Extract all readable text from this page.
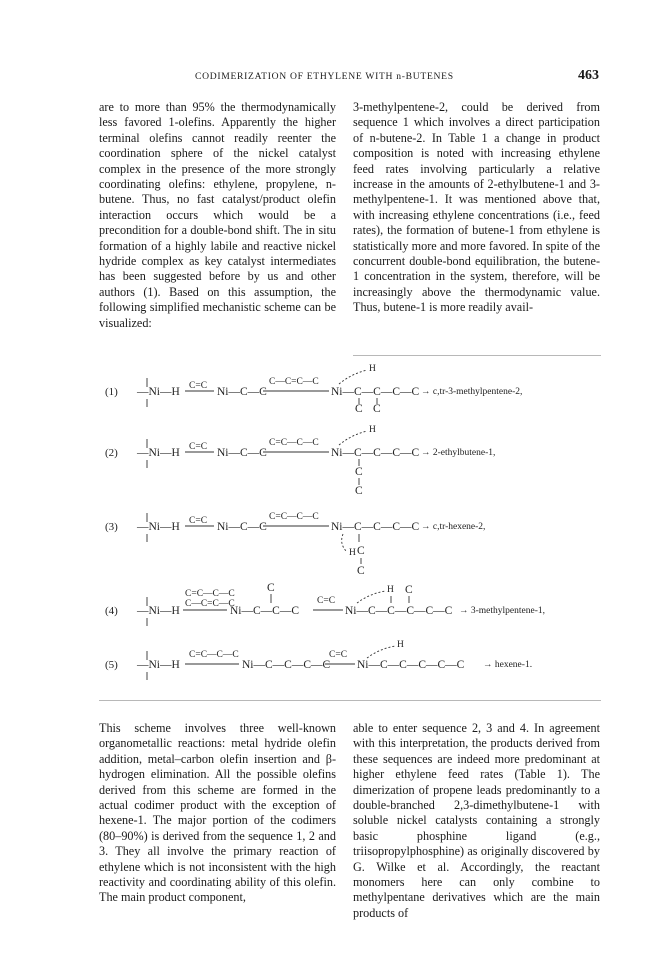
CODIMERIZATION OF ETHYLENE WITH n-BUTENES	463

are to more than 95% the thermodynamically less favored 1-olefins. Apparently the higher terminal olefins cannot readily reenter the coordination sphere of the nickel catalyst complex in the presence of the more strongly coordinating olefins: ethylene, propylene, n-butene. Thus, no fast catalyst/product olefin interaction occurs which would be a precondition for a double-bond shift. The in situ formation of a highly labile and reactive nickel hydride complex as key catalyst intermediates has been suggested before by us and other authors (1). Based on this assumption, the following simplified mechanistic scheme can be visualized:

3-methylpentene-2, could be derived from sequence 1 which involves a direct participation of n-butene-2. In Table 1 a change in product composition is noted with increasing ethylene feed rates involving particularly a relative increase in the amounts of 2-ethylbutene-1 and 3-methylpentene-1. It was mentioned above that, with increasing ethylene concentrations (i.e., feed rates), the formation of butene-1 from ethylene is statistically more and more favored. In spite of the concurrent double-bond equilibration, the butene-1 concentration in the system, therefore, will be increasingly above the thermodynamic value. Thus, butene-1 is more readily avail-

(1) —Ni—H C=C Ni—C—C
C—C=C—C
Ni—C—C—C—C
H
C C
→ c,tr-3-methylpentene-2,
(2) —Ni—H C=C Ni—C—C
C=C—C—C
Ni—C—C—C—C
H
C
C
→ 2-ethylbutene-1,
(3) —Ni—H C=C Ni—C—C
C=C—C—C
Ni—C—C—C—C
H C
C
→ c,tr-hexene-2,
(4) —Ni—H
C=C—C—C
C—C=C—C
Ni—C—C—C
C
C=C
Ni—C—C—C—C—C
H C
→ 3-methylpentene-1,
(5) —Ni—H
C=C—C—C
Ni—C—C—C—C
C=C
Ni—C—C—C—C—C
H
→ hexene-1.

This scheme involves three well-known organometallic reactions: metal hydride olefin addition, metal–carbon olefin insertion and β-hydrogen elimination. All the possible olefins derived from this scheme are formed in the actual codimer product with the exception of hexene-1. The major portion of the codimers (80–90%) is derived from the sequence 1, 2 and 3. They all involve the primary reaction of ethylene which is not inconsistent with the high reactivity and coordinating ability of this olefin. The main product component,

able to enter sequence 2, 3 and 4. In agreement with this interpretation, the products derived from these sequences are indeed more predominant at higher ethylene feed rates (Table 1). The dimerization of propene leads predominantly to a double-branched 2,3-dimethylbutene-1 with soluble nickel catalysts containing a strongly basic phosphine ligand (e.g., triisopropylphosphine) as originally discovered by G. Wilke et al. Accordingly, the reactant monomers here can only combine to methylpentane derivatives which are the main products of
